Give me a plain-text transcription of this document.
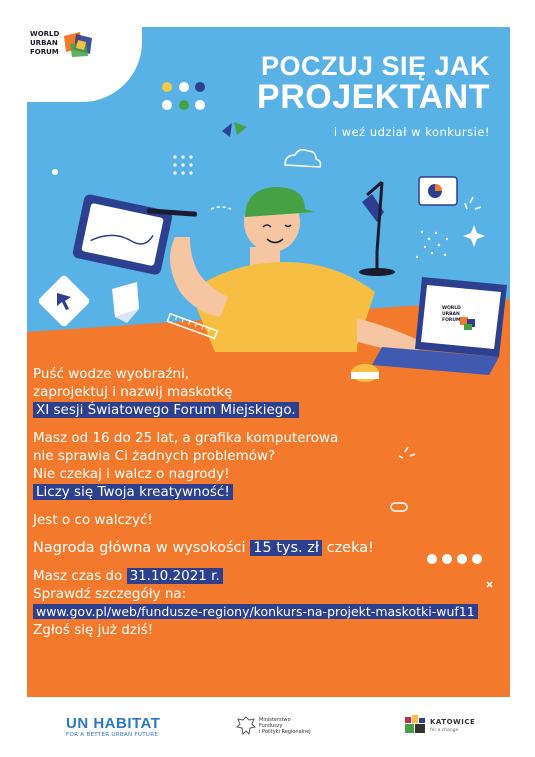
WORLD
URBAN
FORUM
WORLD
URBAN
FORUM	POCZUJ SIĘ JAK
PROJEKTANT
i weź udział w konkursie!

Puść wodze wyobraźni,
zaprojektuj i nazwij maskotkę
XI sesji Światowego Forum Miejskiego.

Masz od 16 do 25 lat, a grafika komputerowa
nie sprawia Ci żadnych problemów?
Nie czekaj i walcz o nagrody!
Liczy się Twoja kreatywność!

Jest o co walczyć!

Nagroda główna w wysokości 15 tys. zł czeka!

Masz czas do 31.10.2021 r.
Sprawdź szczegóły na:
www.gov.pl/web/fundusze-regiony/konkurs-na-projekt-maskotki-wuf11
Zgłoś się już dziś!

UN HABITAT
FOR A BETTER URBAN FUTURE
Ministerstwo
Funduszy
i Polityki Regionalnej
KATOWICE
for a change
